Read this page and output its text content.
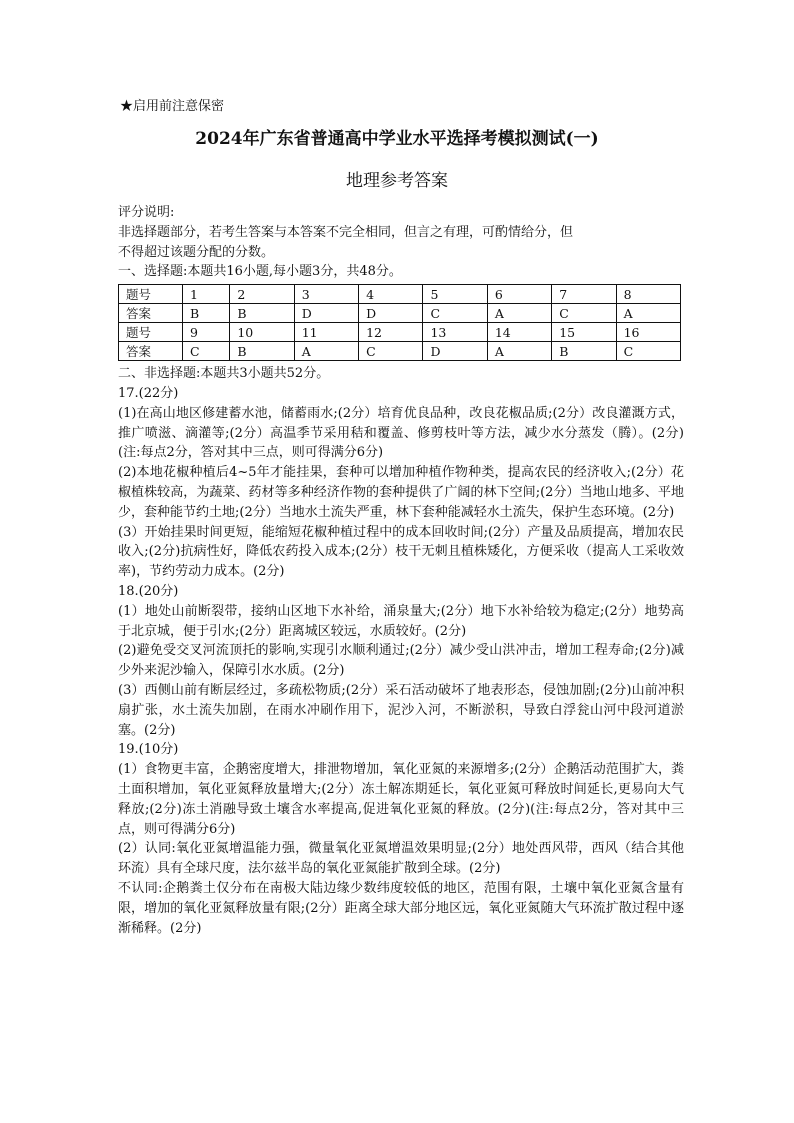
★启用前注意保密
2024年广东省普通高中学业水平选择考模拟测试(一)
地理参考答案

评分说明:

非选择题部分，若考生答案与本答案不完全相同，但言之有理，可酌情给分，但

不得超过该题分配的分数。

一、选择题:本题共16小题,每小题3分，共48分。

题号	1	2	3	4	5	6	7	8
答案	B	B	D	D	C	A	C	A
题号	9	10	11	12	13	14	15	16
答案	C	B	A	C	D	A	B	C

二、非选择题:本题共3小题共52分。

17.(22分)

(1)在高山地区修建蓄水池，储蓄雨水;(2分）培育优良品种，改良花椒品质;(2分）改良灌溉方式，推广喷滋、滴灌等;(2分）高温季节采用秸和覆盖、修剪枝叶等方法，减少水分蒸发（腾）。(2分)(注:每点2分，答对其中三点，则可得满分6分)

(2)本地花椒种植后4~5年才能挂果，套种可以增加种植作物种类，提高农民的经济收入;(2分）花椒植株较高，为蔬菜、药材等多种经济作物的套种提供了广阔的林下空间;(2分）当地山地多、平地少，套种能节约土地;(2分）当地水土流失严重，林下套种能减轻水土流失，保护生态环境。(2分)

(3）开始挂果时间更短，能缩短花椒种植过程中的成本回收时间;(2分）产量及品质提高，增加农民收入;(2分)抗病性好，降低农药投入成本;(2分）枝干无刺且植株矮化，方便采收（提高人工采收效率)，节约劳动力成本。(2分)

18.(20分)

(1）地处山前断裂带，接纳山区地下水补给，涌泉量大;(2分）地下水补给较为稳定;(2分）地势高于北京城，便于引水;(2分）距离城区较远，水质较好。(2分)

(2)避免受交叉河流顶托的影响,实现引水顺利通过;(2分）减少受山洪冲击，增加工程寿命;(2分)减少外来泥沙输入，保障引水水质。(2分)

(3）西侧山前有断层经过，多疏松物质;(2分）采石活动破坏了地表形态，侵蚀加剧;(2分)山前冲积扇扩张，水土流失加剧，在雨水冲刷作用下，泥沙入河，不断淤积，导致白浮瓮山河中段河道淤塞。(2分)

19.(10分)

(1）食物更丰富，企鹅密度增大，排泄物增加，氧化亚氮的来源增多;(2分）企鹅活动范围扩大，粪土面积增加，氧化亚氮释放量增大;(2分）冻土解冻期延长，氧化亚氮可释放时间延长,更易向大气释放;(2分)冻土消融导致土壤含水率提高,促进氧化亚氮的释放。(2分)(注:每点2分，答对其中三点，则可得满分6分)

(2）认同:氧化亚氮增温能力强，微量氧化亚氮增温效果明显;(2分）地处西风带，西风（结合其他环流）具有全球尺度，法尔兹半岛的氧化亚氮能扩散到全球。(2分)

不认同:企鹅粪土仅分布在南极大陆边缘少数纬度较低的地区，范围有限，土壤中氧化亚氮含量有限，增加的氧化亚氮释放量有限;(2分）距离全球大部分地区远，氧化亚氮随大气环流扩散过程中逐渐稀释。(2分)
